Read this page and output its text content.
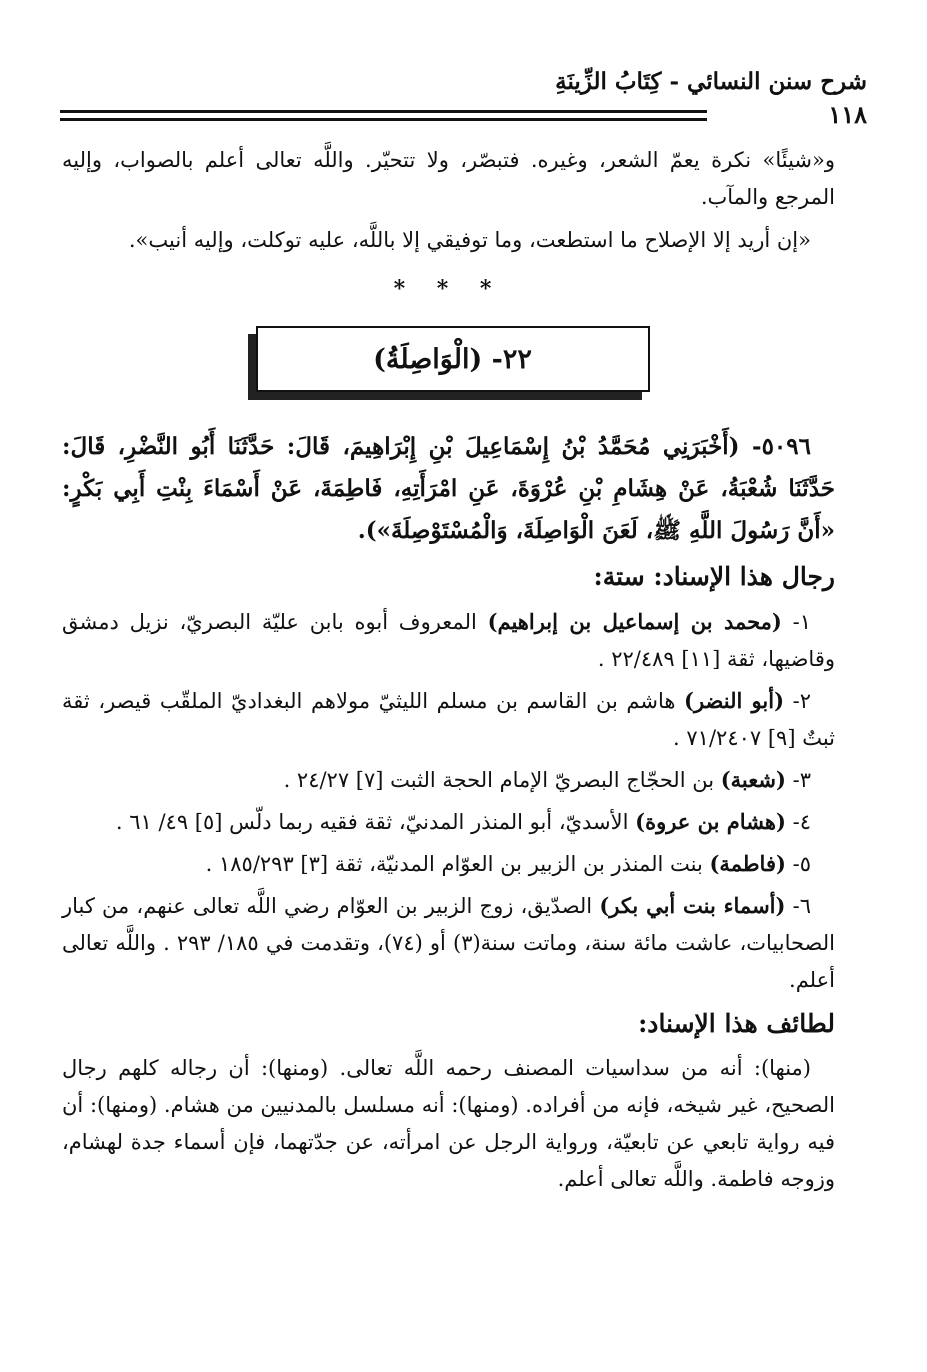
شرح سنن النسائي - كِتَابُ الزِّينَةِ
١١٨

و«شيئًا» نكرة يعمّ الشعر، وغيره. فتبصّر، ولا تتحيّر. واللَّه تعالى أعلم بالصواب، وإليه المرجع والمآب.

«إن أريد إلا الإصلاح ما استطعت، وما توفيقي إلا باللَّه، عليه توكلت، وإليه أنيب».

* * *
٢٢- (الْوَاصِلَةُ)

٥٠٩٦- (أَخْبَرَنِي مُحَمَّدُ بْنُ إِسْمَاعِيلَ بْنِ إِبْرَاهِيمَ، قَالَ: حَدَّثَنَا أَبُو النَّضْرِ، قَالَ: حَدَّثَنَا شُعْبَةُ، عَنْ هِشَامِ بْنِ عُرْوَةَ، عَنِ امْرَأَتِهِ، فَاطِمَةَ، عَنْ أَسْمَاءَ بِنْتِ أَبِي بَكْرٍ: «أَنَّ رَسُولَ اللَّهِ ﷺ، لَعَنَ الْوَاصِلَةَ، وَالْمُسْتَوْصِلَةَ»).

رجال هذا الإسناد: ستة:

١- (محمد بن إسماعيل بن إبراهيم) المعروف أبوه بابن عليّة البصريّ، نزيل دمشق وقاضيها، ثقة [١١] ٢٢/٤٨٩ .

٢- (أبو النضر) هاشم بن القاسم بن مسلم الليثيّ مولاهم البغداديّ الملقّب قيصر، ثقة ثبتٌ [٩] ٧١/٢٤٠٧ .

٣- (شعبة) بن الحجّاج البصريّ الإمام الحجة الثبت [٧] ٢٤/٢٧ .

٤- (هشام بن عروة) الأسديّ، أبو المنذر المدنيّ، ثقة فقيه ربما دلّس [٥] ٤٩/ ٦١ .

٥- (فاطمة) بنت المنذر بن الزبير بن العوّام المدنيّة، ثقة [٣] ١٨٥/٢٩٣ .

٦- (أسماء بنت أبي بكر) الصدّيق، زوج الزبير بن العوّام رضي اللَّه تعالى عنهم، من كبار الصحابيات، عاشت مائة سنة، وماتت سنة(٣) أو (٧٤)، وتقدمت في ١٨٥/ ٢٩٣ . واللَّه تعالى أعلم.

لطائف هذا الإسناد:

(منها): أنه من سداسيات المصنف رحمه اللَّه تعالى. (ومنها): أن رجاله كلهم رجال الصحيح، غير شيخه، فإنه من أفراده. (ومنها): أنه مسلسل بالمدنيين من هشام. (ومنها): أن فيه رواية تابعي عن تابعيّة، ورواية الرجل عن امرأته، عن جدّتهما، فإن أسماء جدة لهشام، وزوجه فاطمة. واللَّه تعالى أعلم.
